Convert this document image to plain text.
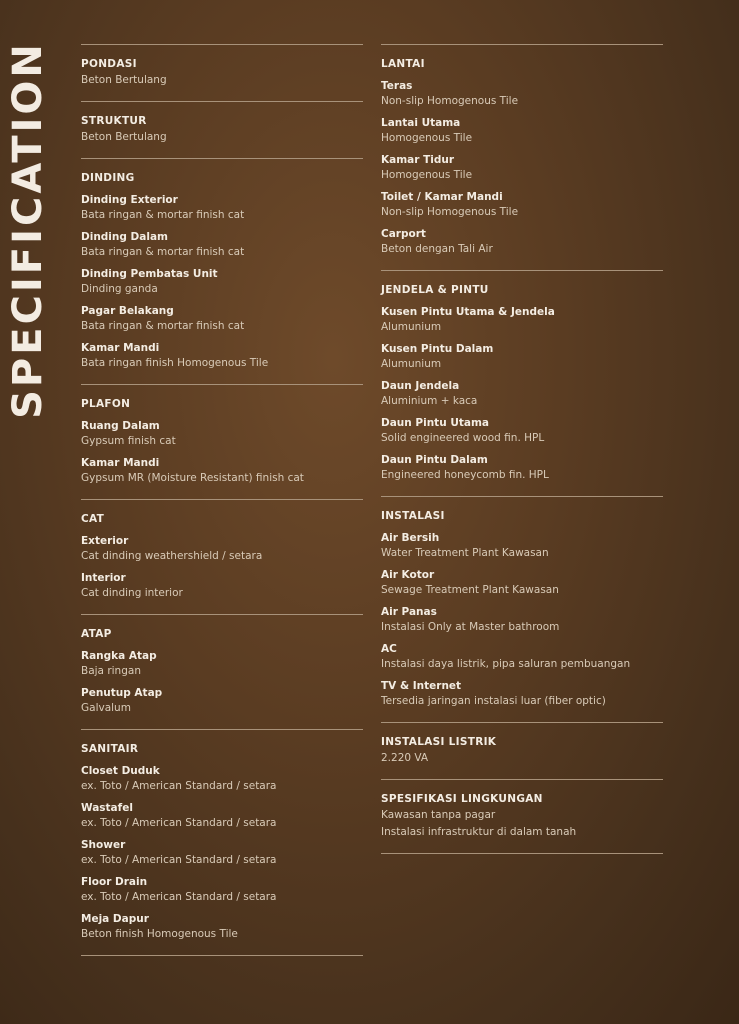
SPECIFICATION	PONDASI
Beton Bertulang
STRUKTUR
Beton Bertulang
DINDING
Dinding Exterior
Bata ringan & mortar finish cat
Dinding Dalam
Bata ringan & mortar finish cat
Dinding Pembatas Unit
Dinding ganda
Pagar Belakang
Bata ringan & mortar finish cat
Kamar Mandi
Bata ringan finish Homogenous Tile
PLAFON
Ruang Dalam
Gypsum finish cat
Kamar Mandi
Gypsum MR (Moisture Resistant) finish cat
CAT
Exterior
Cat dinding weathershield / setara
Interior
Cat dinding interior
ATAP
Rangka Atap
Baja ringan
Penutup Atap
Galvalum
SANITAIR
Closet Duduk
ex. Toto / American Standard / setara
Wastafel
ex. Toto / American Standard / setara
Shower
ex. Toto / American Standard / setara
Floor Drain
ex. Toto / American Standard / setara
Meja Dapur
Beton finish Homogenous Tile
LANTAI
Teras
Non-slip Homogenous Tile
Lantai Utama
Homogenous Tile
Kamar Tidur
Homogenous Tile
Toilet / Kamar Mandi
Non-slip Homogenous Tile
Carport
Beton dengan Tali Air
JENDELA & PINTU
Kusen Pintu Utama & Jendela
Alumunium
Kusen Pintu Dalam
Alumunium
Daun Jendela
Aluminium + kaca
Daun Pintu Utama
Solid engineered wood fin. HPL
Daun Pintu Dalam
Engineered honeycomb fin. HPL
INSTALASI
Air Bersih
Water Treatment Plant Kawasan
Air Kotor
Sewage Treatment Plant Kawasan
Air Panas
Instalasi Only at Master bathroom
AC
Instalasi daya listrik, pipa saluran pembuangan
TV & Internet
Tersedia jaringan instalasi luar (fiber optic)
INSTALASI LISTRIK
2.220 VA
SPESIFIKASI LINGKUNGAN
Kawasan tanpa pagar
Instalasi infrastruktur di dalam tanah
